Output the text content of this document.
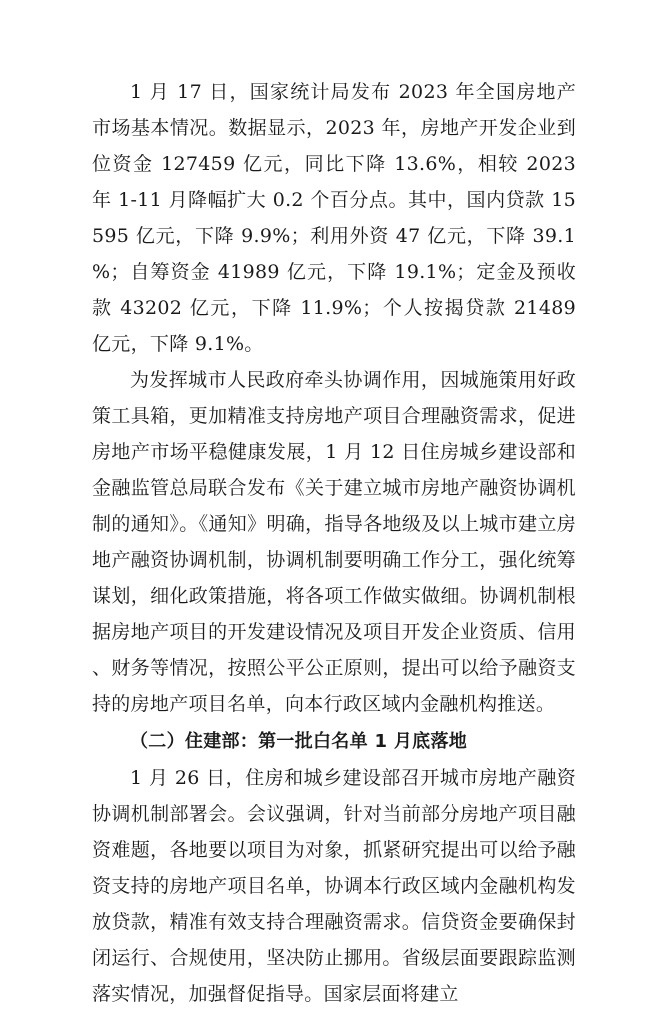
1 月 17 日，国家统计局发布 2023 年全国房地产市场基本情况。数据显示，2023 年，房地产开发企业到位资金 127459 亿元，同比下降 13.6%，相较 2023 年 1-11 月降幅扩大 0.2 个百分点。其中，国内贷款 15595 亿元，下降 9.9%；利用外资 47 亿元，下降 39.1%；自筹资金 41989 亿元，下降 19.1%；定金及预收款 43202 亿元，下降 11.9%；个人按揭贷款 21489 亿元，下降 9.1%。

为发挥城市人民政府牵头协调作用，因城施策用好政策工具箱，更加精准支持房地产项目合理融资需求，促进房地产市场平稳健康发展，1 月 12 日住房城乡建设部和金融监管总局联合发布《关于建立城市房地产融资协调机制的通知》。《通知》明确，指导各地级及以上城市建立房地产融资协调机制，协调机制要明确工作分工，强化统筹谋划，细化政策措施，将各项工作做实做细。协调机制根据房地产项目的开发建设情况及项目开发企业资质、信用、财务等情况，按照公平公正原则，提出可以给予融资支持的房地产项目名单，向本行政区域内金融机构推送。

（二）住建部：第一批白名单 1 月底落地

1 月 26 日，住房和城乡建设部召开城市房地产融资协调机制部署会。会议强调，针对当前部分房地产项目融资难题，各地要以项目为对象，抓紧研究提出可以给予融资支持的房地产项目名单，协调本行政区域内金融机构发放贷款，精准有效支持合理融资需求。信贷资金要确保封闭运行、合规使用，坚决防止挪用。省级层面要跟踪监测落实情况，加强督促指导。国家层面将建立
